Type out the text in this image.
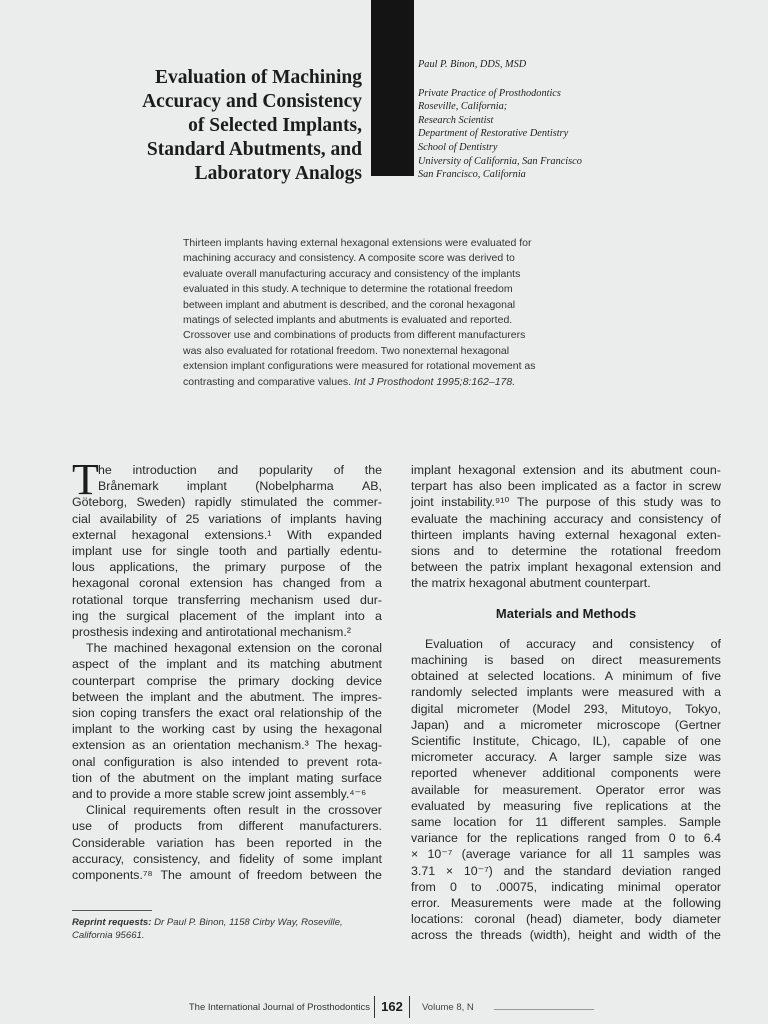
Evaluation of Machining
Accuracy and Consistency
of Selected Implants,
Standard Abutments, and
Laboratory Analogs
Paul P. Binon, DDS, MSD
Private Practice of Prosthodontics
Roseville, California;
Research Scientist
Department of Restorative Dentistry
School of Dentistry
University of California, San Francisco
San Francisco, California
Thirteen implants having external hexagonal extensions were evaluated for
machining accuracy and consistency. A composite score was derived to
evaluate overall manufacturing accuracy and consistency of the implants
evaluated in this study. A technique to determine the rotational freedom
between implant and abutment is described, and the coronal hexagonal
matings of selected implants and abutments is evaluated and reported.
Crossover use and combinations of products from different manufacturers
was also evaluated for rotational freedom. Two nonexternal hexagonal
extension implant configurations were measured for rotational movement as
contrasting and comparative values. Int J Prosthodont 1995;8:162–178.
T he introduction and popularity of the
Brånemark implant (Nobelpharma AB,
Göteborg, Sweden) rapidly stimulated the commer-
cial availability of 25 variations of implants having
external hexagonal extensions.¹ With expanded
implant use for single tooth and partially edentu-
lous applications, the primary purpose of the
hexagonal coronal extension has changed from a
rotational torque transferring mechanism used dur-
ing the surgical placement of the implant into a
prosthesis indexing and antirotational mechanism.²
The machined hexagonal extension on the coronal
aspect of the implant and its matching abutment
counterpart comprise the primary docking device
between the implant and the abutment. The impres-
sion coping transfers the exact oral relationship of the
implant to the working cast by using the hexagonal
extension as an orientation mechanism.³ The hexag-
onal configuration is also intended to prevent rota-
tion of the abutment on the implant mating surface
and to provide a more stable screw joint assembly.⁴⁻⁶
Clinical requirements often result in the crossover
use of products from different manufacturers.
Considerable variation has been reported in the
accuracy, consistency, and fidelity of some implant
components.⁷⁸ The amount of freedom between the
implant hexagonal extension and its abutment coun-
terpart has also been implicated as a factor in screw
joint instability.⁹¹⁰ The purpose of this study was to
evaluate the machining accuracy and consistency of
thirteen implants having external hexagonal exten-
sions and to determine the rotational freedom
between the patrix implant hexagonal extension and
the matrix hexagonal abutment counterpart.
Materials and Methods
Evaluation of accuracy and consistency of
machining is based on direct measurements
obtained at selected locations. A minimum of five
randomly selected implants were measured with a
digital micrometer (Model 293, Mitutoyo, Tokyo,
Japan) and a micrometer microscope (Gertner
Scientific Institute, Chicago, IL), capable of one
micrometer accuracy. A larger sample size was
reported whenever additional components were
available for measurement. Operator error was
evaluated by measuring five replications at the
same location for 11 different samples. Sample
variance for the replications ranged from 0 to 6.4
× 10⁻⁷ (average variance for all 11 samples was
3.71 × 10⁻⁷) and the standard deviation ranged
from 0 to .00075, indicating minimal operator
error. Measurements were made at the following
locations: coronal (head) diameter, body diameter
across the threads (width), height and width of the
Reprint requests: Dr Paul P. Binon, 1158 Cirby Way, Roseville,
California 95661.
The International Journal of Prosthodontics 162	Volume 8, N
